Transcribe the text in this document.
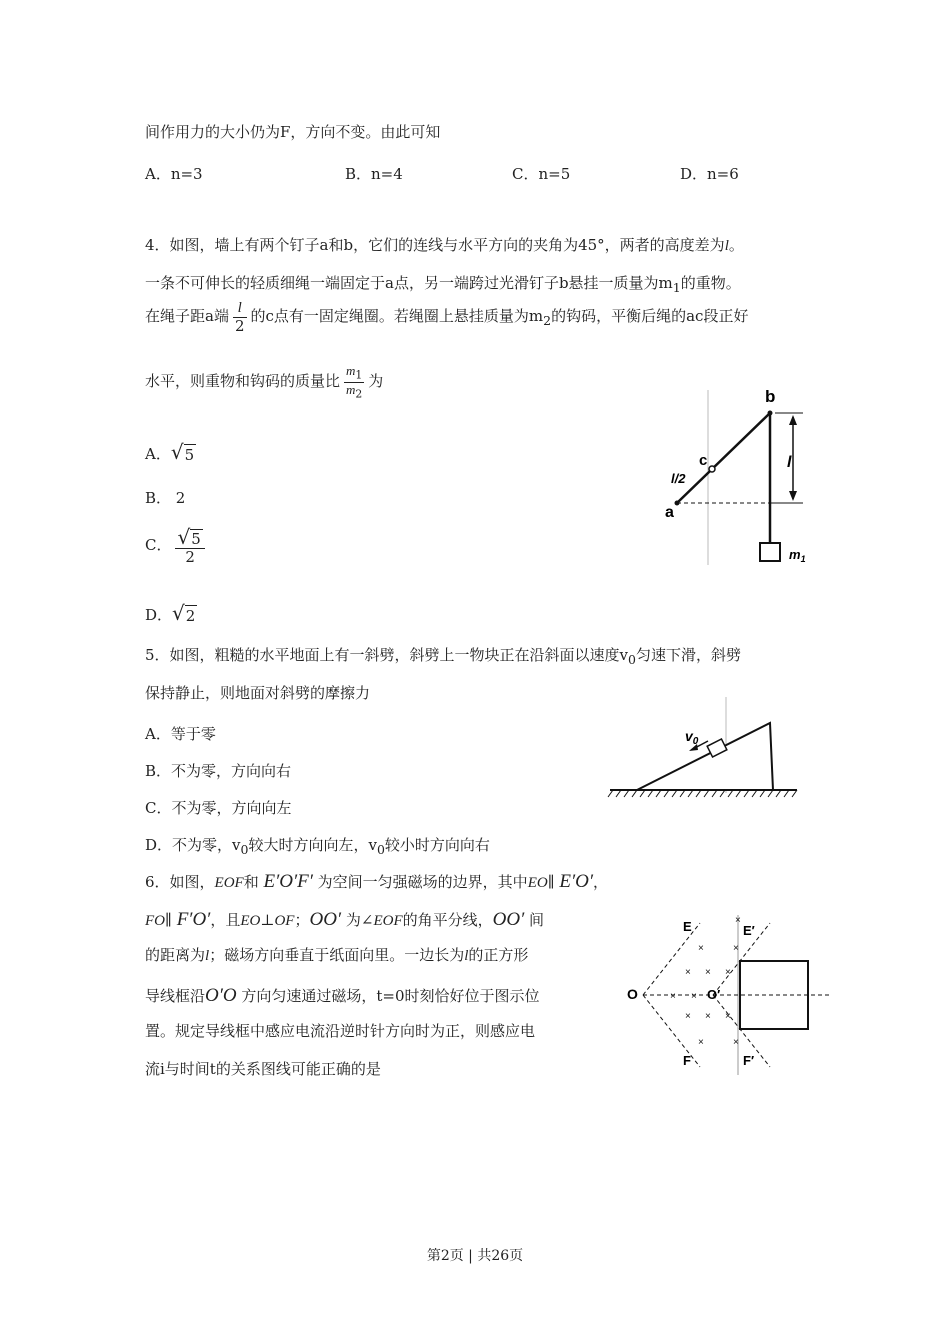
间作用力的大小仍为F，方向不变。由此可知
A．n=3	B．n=4	C．n=5	D．n=6
4．如图，墙上有两个钉子a和b，它们的连线与水平方向的夹角为45°，两者的高度差为l。
一条不可伸长的轻质细绳一端固定于a点，另一端跨过光滑钉子b悬挂一质量为$m_1$的重物。
在绳子距a端 $\frac{l}{2}$ 的c点有一固定绳圈。若绳圈上悬挂质量为$m_2$的钩码，平衡后绳的ac段正好
水平，则重物和钩码的质量比 $\frac{m_1}{m_2}$ 为
A． √ 5
B． 2
C． $\frac{√ 5}{2}$
D． √ 2
b
c
a
l
l/2
$m_1$
5．如图，粗糙的水平地面上有一斜劈，斜劈上一物块正在沿斜面以速度$v_0$匀速下滑，斜劈
保持静止，则地面对斜劈的摩擦力
A．等于零
B．不为零，方向向右
C．不为零，方向向左
D．不为零，$v_0$较大时方向向左，$v_0$较小时方向向右
$v_0$
6．如图，EOF和 E′O′F′ 为空间一匀强磁场的边界，其中EO∥ E′O′，
FO∥ F′O′，且EO⊥OF；OO′ 为∠EOF的角平分线，OO′ 间
的距离为l；磁场方向垂直于纸面向里。一边长为l的正方形
导线框沿O′O 方向匀速通过磁场，t=0时刻恰好位于图示位
置。规定导线框中感应电流沿逆时针方向时为正，则感应电
流i与时间t的关系图线可能正确的是
×	×
× × ×
× ×
× × ×
×	×
×
E	E′
O	O′
F	F′
第2页 | 共26页
